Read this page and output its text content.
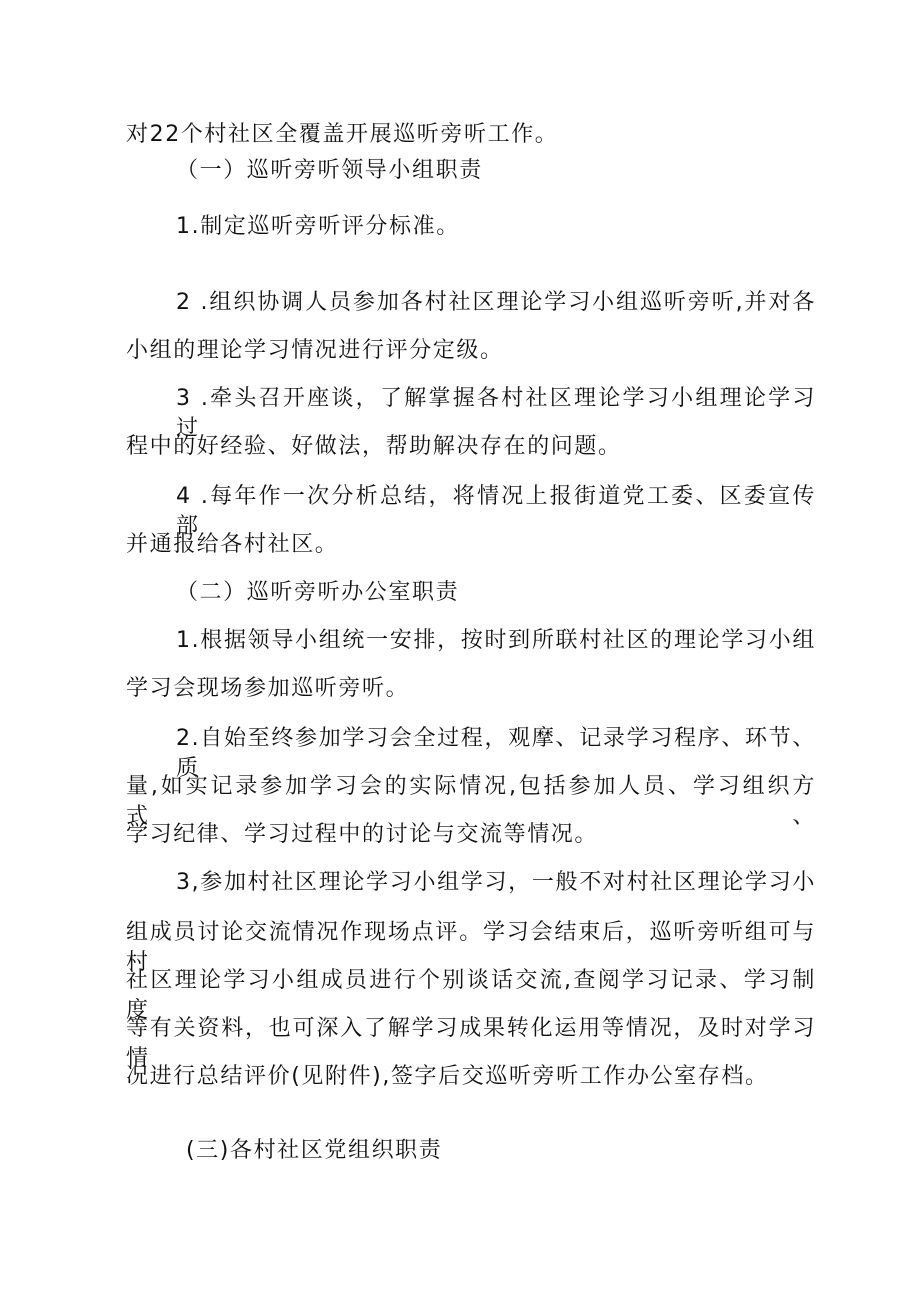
对22个村社区全覆盖开展巡听旁听工作。
（一）巡听旁听领导小组职责
1.制定巡听旁听评分标准。
2 .组织协调人员参加各村社区理论学习小组巡听旁听,并对各
小组的理论学习情况进行评分定级。
3 .牵头召开座谈，了解掌握各村社区理论学习小组理论学习过
程中的好经验、好做法，帮助解决存在的问题。
4 .每年作一次分析总结，将情况上报街道党工委、区委宣传部
并通报给各村社区。
（二）巡听旁听办公室职责
1.根据领导小组统一安排，按时到所联村社区的理论学习小组
学习会现场参加巡听旁听。
2.自始至终参加学习会全过程，观摩、记录学习程序、环节、质
量,如实记录参加学习会的实际情况,包括参加人员、学习组织方式、
学习纪律、学习过程中的讨论与交流等情况。
3,参加村社区理论学习小组学习，一般不对村社区理论学习小
组成员讨论交流情况作现场点评。学习会结束后，巡听旁听组可与村
社区理论学习小组成员进行个别谈话交流,查阅学习记录、学习制度
等有关资料，也可深入了解学习成果转化运用等情况，及时对学习情
况进行总结评价(见附件),签字后交巡听旁听工作办公室存档。
(三)各村社区党组织职责
